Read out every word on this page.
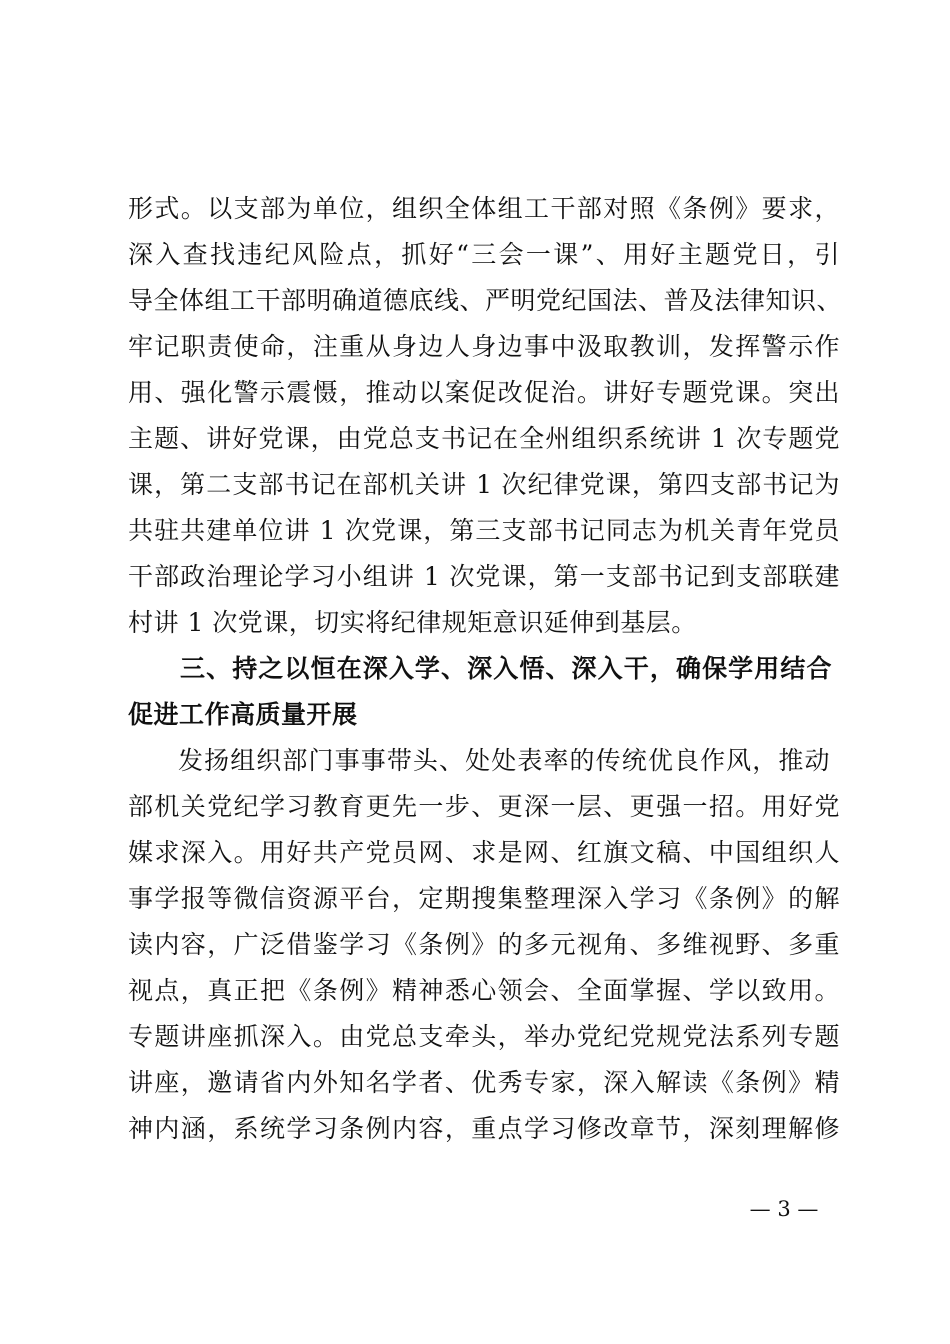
形式。以支部为单位，组织全体组工干部对照《条例》要求，
深入查找违纪风险点，抓好“三会一课”、用好主题党日，引
导全体组工干部明确道德底线、严明党纪国法、普及法律知识、
牢记职责使命，注重从身边人身边事中汲取教训，发挥警示作
用、强化警示震慑，推动以案促改促治。讲好专题党课。突出
主题、讲好党课，由党总支书记在全州组织系统讲 1 次专题党
课，第二支部书记在部机关讲 1 次纪律党课，第四支部书记为
共驻共建单位讲 1 次党课，第三支部书记同志为机关青年党员
干部政治理论学习小组讲 1 次党课，第一支部书记到支部联建
村讲 1 次党课，切实将纪律规矩意识延伸到基层。
三、持之以恒在深入学、深入悟、深入干，确保学用结合
促进工作高质量开展
发扬组织部门事事带头、处处表率的传统优良作风，推动
部机关党纪学习教育更先一步、更深一层、更强一招。用好党
媒求深入。用好共产党员网、求是网、红旗文稿、中国组织人
事学报等微信资源平台，定期搜集整理深入学习《条例》的解
读内容，广泛借鉴学习《条例》的多元视角、多维视野、多重
视点，真正把《条例》精神悉心领会、全面掌握、学以致用。
专题讲座抓深入。由党总支牵头，举办党纪党规党法系列专题
讲座，邀请省内外知名学者、优秀专家，深入解读《条例》精
神内涵，系统学习条例内容，重点学习修改章节，深刻理解修
— 3 —
